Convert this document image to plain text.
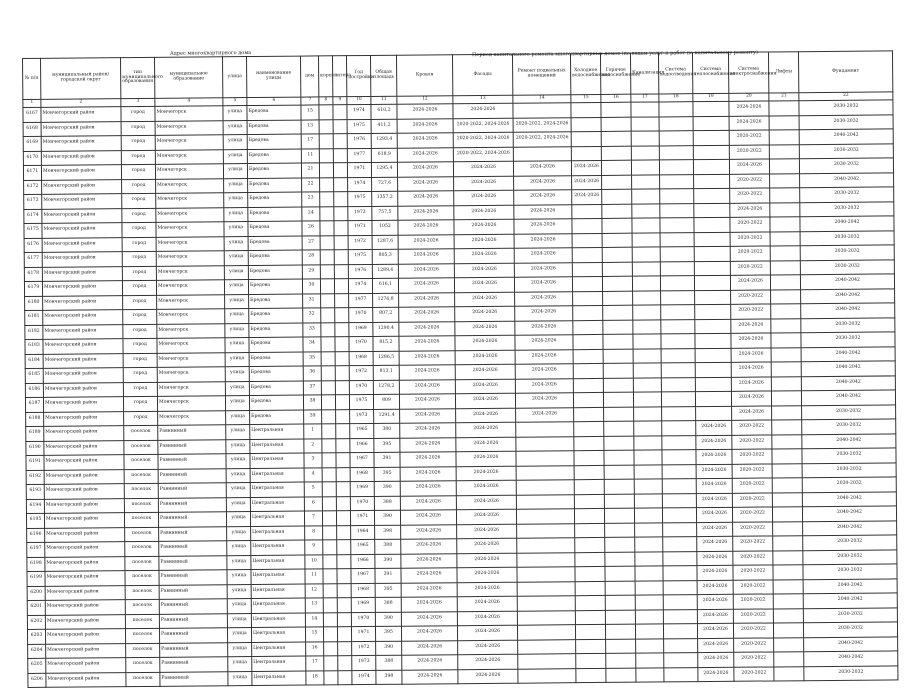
Адрес многоквартирного дома	Период капитального ремонта многоквартирных домов (по видам услуг и работ по капитальному ремонту)
№ п/п	муниципальный район/городской округ	тип муниципального образования	муниципальное образование	улица	наименование улицы	дом	корпус	литера	Год постройки	Общая площадь	Кровля	Фасады	Ремонт подвальных помещений	Холодное водоснабжение	Горячее водоснабжение	Канализация	Система водоотведения	Система теплоснабжения	Система электроснабжения	Лифты	Фундамент
1	2	3	4	5	6	7	8	9	10	11	12	13	14	15	16	17	18	19	20	21	22
6167	Мончегорский район	город	Мончегорск	улица	Бредова	15			1974	610,2	2024-2026	2024-2026							2024-2026		2030-2032
6168	Мончегорский район	город	Мончегорск	улица	Бредова	13			1975	411,2	2024-2026	2020-2022, 2024-2026	2020-2022, 2024-2026						2024-2026		2030-2032
6169	Мончегорский район	город	Мончегорск	улица	Бредова	17			1976	1293,4	2024-2026	2020-2022, 2024-2026	2020-2022, 2024-2026						2020-2022		2040-2042
6170	Мончегорский район	город	Мончегорск	улица	Бредова	11			1977	618,9	2024-2026	2020-2022, 2024-2026							2020-2022		2030-2032
6171	Мончегорский район	город	Мончегорск	улица	Бредова	21			1971	1295,4	2024-2026	2024-2026	2024-2026	2024-2026					2024-2026		2030-2032
6172	Мончегорский район	город	Мончегорск	улица	Бредова	22			1974	727,6	2024-2026	2024-2026	2024-2026	2024-2026					2020-2022		2040-2042
6173	Мончегорский район	город	Мончегорск	улица	Бредова	23			1975	1357,2	2024-2026	2024-2026	2024-2026	2024-2026					2020-2022		2030-2032
6174	Мончегорский район	город	Мончегорск	улица	Бредова	24			1973	757,5	2024-2026	2024-2026	2024-2026						2024-2026		2030-2032
6175	Мончегорский район	город	Мончегорск	улица	Бредова	26			1971	1052	2024-2026	2024-2026	2024-2026						2020-2022		2040-2042
6176	Мончегорский район	город	Мончегорск	улица	Бредова	27			1972	1287,6	2024-2026	2024-2026	2024-2026						2020-2022		2030-2032
6177	Мончегорский район	город	Мончегорск	улица	Бредова	28			1975	805,3	2024-2026	2024-2026	2024-2026						2020-2022		2030-2032
6178	Мончегорский район	город	Мончегорск	улица	Бредова	29			1976	1289,6	2024-2026	2024-2026	2024-2026						2020-2022		2030-2032
6179	Мончегорский район	город	Мончегорск	улица	Бредова	30			1974	616,1	2024-2026	2024-2026	2024-2026						2024-2026		2040-2042
6180	Мончегорский район	город	Мончегорск	улица	Бредова	31			1977	1276,8	2024-2026	2024-2026	2024-2026						2020-2022		2040-2042
6181	Мончегорский район	город	Мончегорск	улица	Бредова	32			1970	807,2	2024-2026	2024-2026	2024-2026						2020-2022		2040-2042
6182	Мончегорский район	город	Мончегорск	улица	Бредова	33			1969	1290,4	2024-2026	2024-2026	2024-2026						2024-2026		2030-2032
6183	Мончегорский район	город	Мончегорск	улица	Бредова	34			1970	815,2	2024-2026	2024-2026	2024-2026						2024-2026		2030-2032
6184	Мончегорский район	город	Мончегорск	улица	Бредова	35			1968	1286,5	2024-2026	2024-2026	2024-2026						2024-2026		2040-2042
6185	Мончегорский район	город	Мончегорск	улица	Бредова	36			1972	813,1	2024-2026	2024-2026	2024-2026						2024-2026		2040-2042
6186	Мончегорский район	город	Мончегорск	улица	Бредова	37			1970	1278,2	2024-2026	2024-2026	2024-2026						2024-2026		2040-2042
6187	Мончегорский район	город	Мончегорск	улица	Бредова	38			1975	809	2024-2026	2024-2026	2024-2026						2024-2026		2040-2042
6188	Мончегорский район	город	Мончегорск	улица	Бредова	39			1973	1291,4	2024-2026	2024-2026	2024-2026						2024-2026		2030-2032
6189	Мончегорский район	поселок	Равнинный	улица	Центральная	1			1965	380	2024-2026	2024-2026						2024-2026	2020-2022		2030-2032
6190	Мончегорский район	поселок	Равнинный	улица	Центральная	2			1966	395	2024-2026	2024-2026						2024-2026	2020-2022		2040-2042
6191	Мончегорский район	поселок	Равнинный	улица	Центральная	3			1967	391	2024-2026	2024-2026						2024-2026	2020-2022		2030-2032
6192	Мончегорский район	поселок	Равнинный	улица	Центральная	4			1968	395	2024-2026	2024-2026						2024-2026	2020-2022		2030-2032
6193	Мончегорский район	поселок	Равнинный	улица	Центральная	5			1969	390	2024-2026	2024-2026						2024-2026	2020-2022		2030-2032
6194	Мончегорский район	поселок	Равнинный	улица	Центральная	6			1970	388	2024-2026	2024-2026						2024-2026	2020-2022		2040-2042
6195	Мончегорский район	поселок	Равнинный	улица	Центральная	7			1971	390	2024-2026	2024-2026						2024-2026	2020-2022		2040-2042
6196	Мончегорский район	поселок	Равнинный	улица	Центральная	8			1964	398	2024-2026	2024-2026						2024-2026	2020-2022		2040-2042
6197	Мончегорский район	поселок	Равнинный	улица	Центральная	9			1965	388	2024-2026	2024-2026						2024-2026	2020-2022		2030-2032
6198	Мончегорский район	поселок	Равнинный	улица	Центральная	10			1966	390	2024-2026	2024-2026						2024-2026	2020-2022		2030-2032
6199	Мончегорский район	поселок	Равнинный	улица	Центральная	11			1967	391	2024-2026	2024-2026						2024-2026	2020-2022		2030-2032
6200	Мончегорский район	поселок	Равнинный	улица	Центральная	12			1968	395	2024-2026	2024-2026						2024-2026	2020-2022		2040-2042
6201	Мончегорский район	поселок	Равнинный	улица	Центральная	13			1969	388	2024-2026	2024-2026						2024-2026	2020-2022		2040-2042
6202	Мончегорский район	поселок	Равнинный	улица	Центральная	14			1970	390	2024-2026	2024-2026						2024-2026	2020-2022		2030-2032
6203	Мончегорский район	поселок	Равнинный	улица	Центральная	15			1971	395	2024-2026	2024-2026						2024-2026	2020-2022		2030-2032
6204	Мончегорский район	поселок	Равнинный	улица	Центральная	16			1972	390	2024-2026	2024-2026						2024-2026	2020-2022		2040-2042
6205	Мончегорский район	поселок	Равнинный	улица	Центральная	17			1973	388	2024-2026	2024-2026						2024-2026	2020-2022		2040-2042
6206	Мончегорский район	поселок	Равнинный	улица	Центральная	18			1974	398	2024-2026	2024-2026						2024-2026	2020-2022		2030-2032
